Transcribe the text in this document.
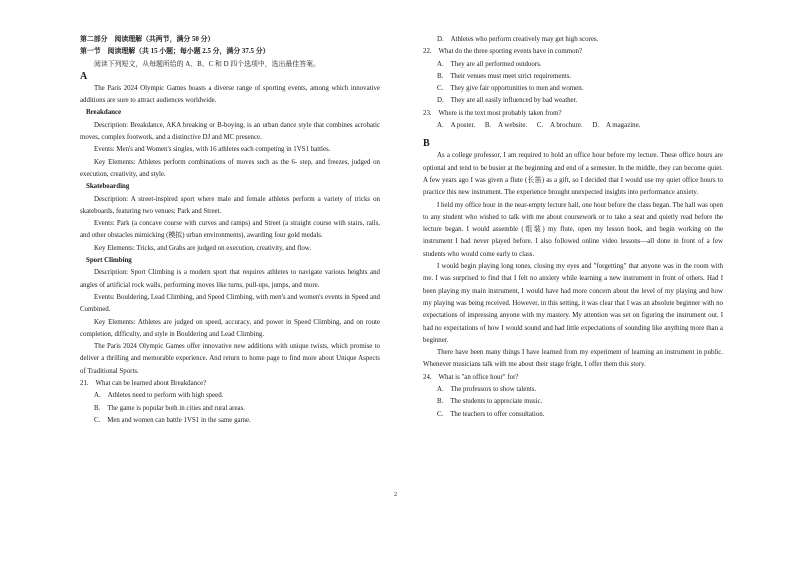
第二部分　阅读理解（共两节，满分 50 分）

第一节　阅读理解（共 15 小题；每小题 2.5 分，满分 37.5 分）

阅读下列短文，从每题所给的 A、B、C 和 D 四个选项中，选出最佳答案。

A

The Paris 2024 Olympic Games boasts a diverse range of sporting events, among which innovative additions are sure to attract audiences worldwide.

Breakdance

Description: Breakdance, AKA breaking or B-boying, is an urban dance style that combines acrobatic moves, complex footwork, and a distinctive DJ and MC presence.

Events: Men's and Women's singles, with 16 athletes each competing in 1VS1 battles.

Key Elements: Athletes perform combinations of moves such as the 6- step, and freezes, judged on execution, creativity, and style.

Skateboarding

Description: A street-inspired sport where male and female athletes perform a variety of tricks on skateboards, featuring two venues: Park and Street.

Events: Park (a concave course with curves and ramps) and Street (a straight course with stairs, rails, and other obstacles mimicking (模拟) urban environments), awarding four gold medals.

Key Elements: Tricks, and Grabs are judged on execution, creativity, and flow.

Sport Climbing

Description: Sport Climbing is a modern sport that requires athletes to navigate various heights and angles of artificial rock walls, performing moves like turns, pull-ups, jumps, and more.

Events: Bouldering, Lead Climbing, and Speed Climbing, with men's and women's events in Speed and Combined.

Key Elements: Athletes are judged on speed, accuracy, and power in Speed Climbing, and on route completion, difficulty, and style in Bouldering and Lead Climbing.

The Paris 2024 Olympic Games offer innovative new additions with unique twists, which promise to deliver a thrilling and memorable experience. And return to home page to find more about Unique Aspects of Traditional Sports.

21.　What can be learned about Breakdance?

A.　Athletes need to perform with high speed.

B.　The game is popular both in cities and rural areas.

C.　Men and women can battle 1VS1 in the same game.

D.　Athletes who perform creatively may get high scores.

22.　What do the three sporting events have in common?

A.　They are all performed outdoors.

B.　Their venues must meet strict requirements.

C.　They give fair opportunities to men and women.

D.　They are all easily influenced by bad weather.

23.　Where is the text most probably taken from?

A.　A poster. B.　A website. C.　A brochure. D.　A magazine.

B

As a college professor, I am required to hold an office hour before my lecture. These office hours are optional and tend to be busier at the beginning and end of a semester. In the middle, they can become quiet. A few years ago I was given a flute (长笛) as a gift, so I decided that I would use my quiet office hours to practice this new instrument. The experience brought unexpected insights into performance anxiety.

I held my office hour in the near-empty lecture hall, one hour before the class began. The hall was open to any student who wished to talk with me about coursework or to take a seat and quietly read before the lecture began. I would assemble (组装) my flute, open my lesson book, and begin working on the instrument I had never played before. I also followed online video lessons—all done in front of a few students who would come early to class.

I would begin playing long tones, closing my eyes and "forgetting" that anyone was in the room with me. I was surprised to find that I felt no anxiety while learning a new instrument in front of others. Had I been playing my main instrument, I would have had more concern about the level of my playing and how my playing was being received. However, in this setting, it was clear that I was an absolute beginner with no expectations of impressing anyone with my mastery. My attention was set on figuring the instrument out. I had no expectations of how I would sound and had little expectations of sounding like anything more than a beginner.

There have been many things I have learned from my experiment of learning an instrument in public. Whenever musicians talk with me about their stage fright, I offer them this story.

24.　What is "an office hour" for?

A.　The professors to show talents.

B.　The students to appreciate music.

C.　The teachers to offer consultation.

2
